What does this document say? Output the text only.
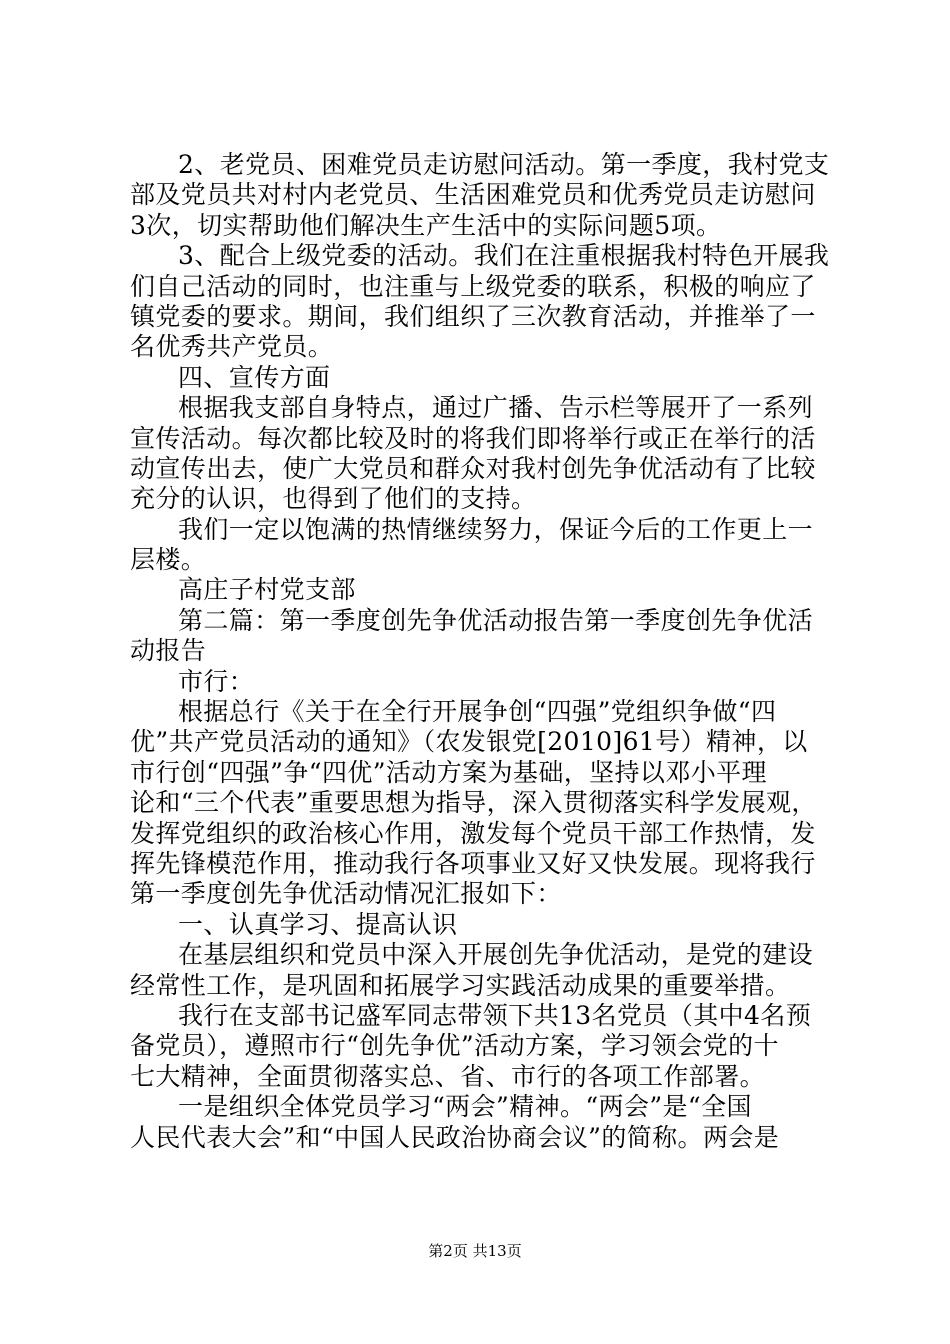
2、老党员、困难党员走访慰问活动。第一季度，我村党支
部及党员共对村内老党员、生活困难党员和优秀党员走访慰问
3次，切实帮助他们解决生产生活中的实际问题5项。
3、配合上级党委的活动。我们在注重根据我村特色开展我
们自己活动的同时，也注重与上级党委的联系，积极的响应了
镇党委的要求。期间，我们组织了三次教育活动，并推举了一
名优秀共产党员。
四、宣传方面
根据我支部自身特点，通过广播、告示栏等展开了一系列
宣传活动。每次都比较及时的将我们即将举行或正在举行的活
动宣传出去，使广大党员和群众对我村创先争优活动有了比较
充分的认识，也得到了他们的支持。
我们一定以饱满的热情继续努力，保证今后的工作更上一
层楼。
高庄子村党支部
第二篇：第一季度创先争优活动报告第一季度创先争优活
动报告
市行：
根据总行《关于在全行开展争创“四强”党组织争做“四
优”共产党员活动的通知》（农发银党[2010]61号）精神，以
市行创“四强”争“四优”活动方案为基础，坚持以邓小平理
论和“三个代表”重要思想为指导，深入贯彻落实科学发展观，
发挥党组织的政治核心作用，激发每个党员干部工作热情，发
挥先锋模范作用，推动我行各项事业又好又快发展。现将我行
第一季度创先争优活动情况汇报如下：
一、认真学习、提高认识
在基层组织和党员中深入开展创先争优活动，是党的建设
经常性工作，是巩固和拓展学习实践活动成果的重要举措。
我行在支部书记盛军同志带领下共13名党员（其中4名预
备党员），遵照市行“创先争优”活动方案，学习领会党的十
七大精神，全面贯彻落实总、省、市行的各项工作部署。
一是组织全体党员学习“两会”精神。“两会”是“全国
人民代表大会”和“中国人民政治协商会议”的简称。两会是
第2页 共13页
